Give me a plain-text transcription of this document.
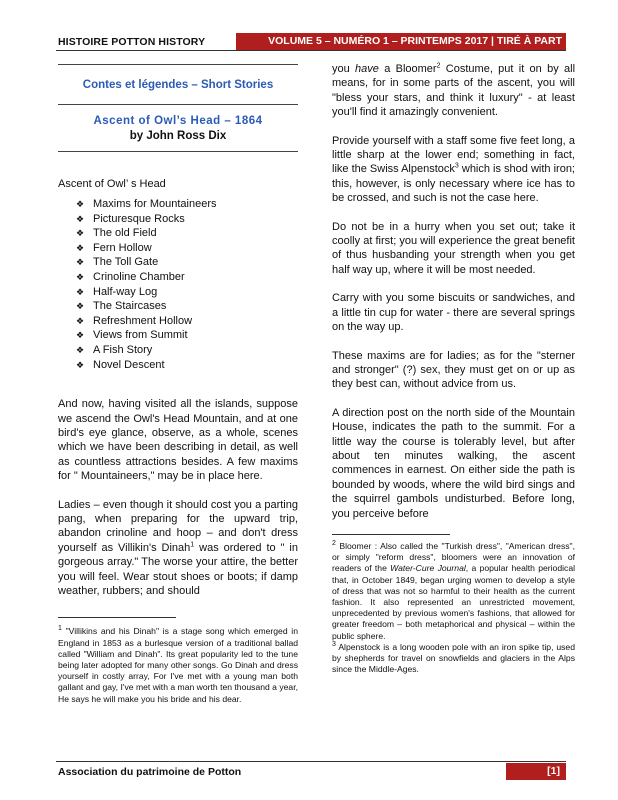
HISTOIRE POTTON HISTORY	VOLUME 5 – NUMÉRO 1 – PRINTEMPS 2017 | TIRÉ À PART
Contes et légendes – Short Stories
Ascent of Owl’s Head – 1864
by John Ross Dix
Ascent of Owl’ s Head
❖ Maxims for Mountaineers
❖ Picturesque Rocks
❖ The old Field
❖ Fern Hollow
❖ The Toll Gate
❖ Crinoline Chamber
❖ Half-way Log
❖ The Staircases
❖ Refreshment Hollow
❖ Views from Summit
❖ A Fish Story
❖ Novel Descent

And now, having visited all the islands, suppose we ascend the Owl's Head Mountain, and at one bird's eye glance, observe, as a whole, scenes which we have been describing in detail, as well as countless attractions besides. A few maxims for " Mountaineers," may be in place here.

Ladies – even though it should cost you a parting pang, when preparing for the upward trip, abandon crinoline and hoop – and don't dress yourself as Villikin's Dinah$^1$ was ordered to " in gorgeous array." The worse your attire, the better you will feel. Wear stout shoes or boots; if damp weather, rubbers; and should

$^1$ "Villikins and his Dinah" is a stage song which emerged in England in 1853 as a burlesque version of a traditional ballad called "William and Dinah". Its great popularity led to the tune being later adopted for many other songs. Go Dinah and dress yourself in costly array, For I've met with a young man both gallant and gay, I've met with a man worth ten thousand a year, He says he will make you his bride and his dear.

you have a Bloomer$^2$ Costume, put it on by all means, for in some parts of the ascent, you will "bless your stars, and think it luxury" - at least you'll find it amazingly convenient.

Provide yourself with a staff some five feet long, a little sharp at the lower end; something in fact, like the Swiss Alpenstock$^3$ which is shod with iron; this, however, is only necessary where ice has to be crossed, and such is not the case here.

Do not be in a hurry when you set out; take it coolly at first; you will experience the great benefit of thus husbanding your strength when you get half way up, where it will be most needed.

Carry with you some biscuits or sandwiches, and a little tin cup for water - there are several springs on the way up.

These maxims are for ladies; as for the "sterner and stronger" (?) sex, they must get on or up as they best can, without advice from us.

A direction post on the north side of the Mountain House, indicates the path to the summit. For a little way the course is tolerably level, but after about ten minutes walking, the ascent commences in earnest. On either side the path is bounded by woods, where the wild bird sings and the squirrel gambols undisturbed. Before long, you perceive before

$^2$ Bloomer : Also called the "Turkish dress", "American dress", or simply "reform dress", bloomers were an innovation of readers of the Water-Cure Journal, a popular health periodical that, in October 1849, began urging women to develop a style of dress that was not so harmful to their health as the current fashion. It also represented an unrestricted movement, unprecedented by previous women's fashions, that allowed for greater freedom – both metaphorical and physical – within the public sphere.

$^3$ Alpenstock is a long wooden pole with an iron spike tip, used by shepherds for travel on snowfields and glaciers in the Alps since the Middle-Ages.

Association du patrimoine de Potton	[1]
